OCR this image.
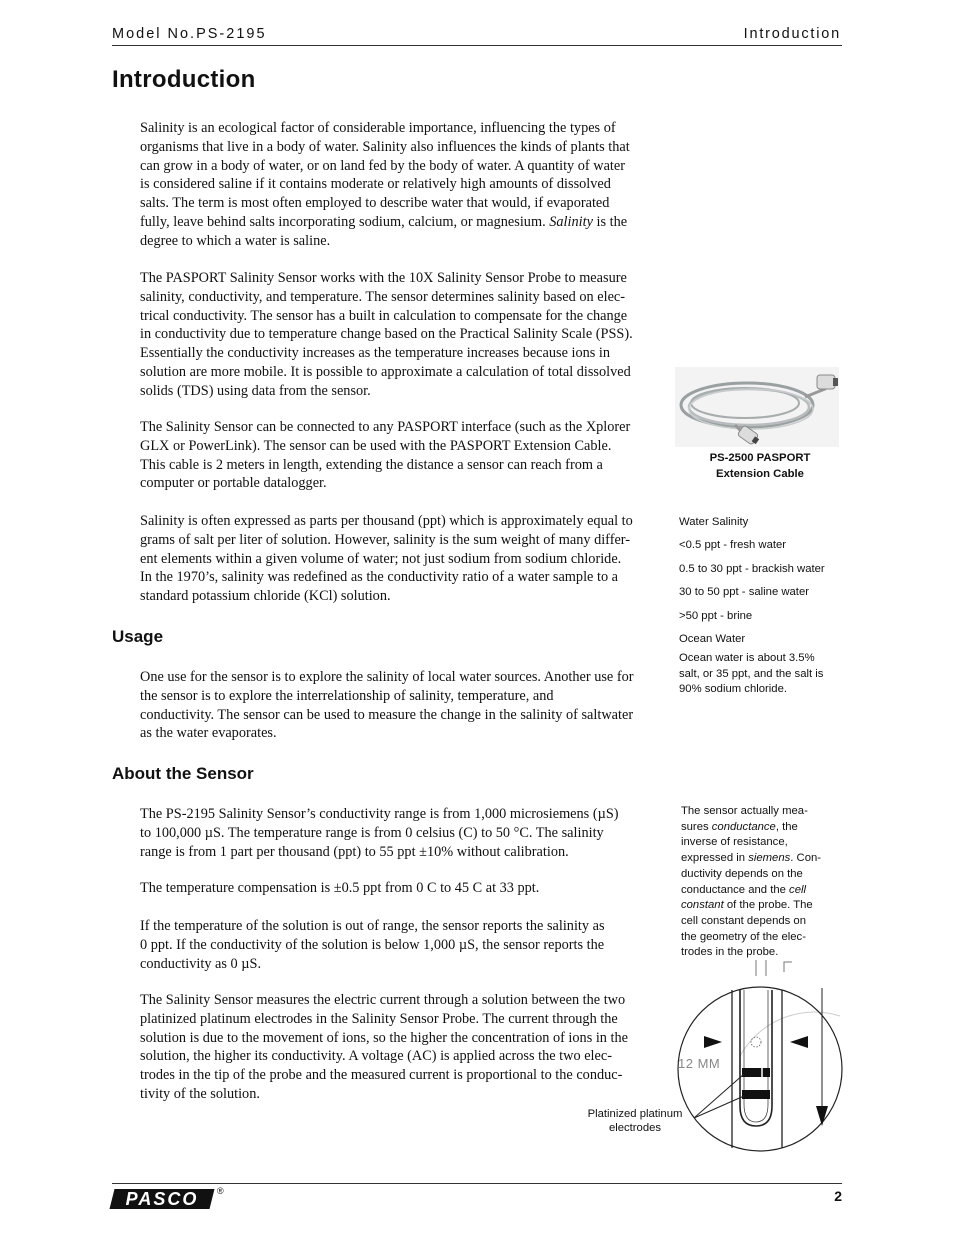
Model No.PS-2195	Introduction
Introduction

Salinity is an ecological factor of considerable importance, influencing the types of
organisms that live in a body of water. Salinity also influences the kinds of plants that
can grow in a body of water, or on land fed by the body of water. A quantity of water
is considered saline if it contains moderate or relatively high amounts of dissolved
salts. The term is most often employed to describe water that would, if evaporated
fully, leave behind salts incorporating sodium, calcium, or magnesium. Salinity is the
degree to which a water is saline.

The PASPORT Salinity Sensor works with the 10X Salinity Sensor Probe to measure
salinity, conductivity, and temperature. The sensor determines salinity based on elec-
trical conductivity. The sensor has a built in calculation to compensate for the change
in conductivity due to temperature change based on the Practical Salinity Scale (PSS).
Essentially the conductivity increases as the temperature increases because ions in
solution are more mobile. It is possible to approximate a calculation of total dissolved
solids (TDS) using data from the sensor.

The Salinity Sensor can be connected to any PASPORT interface (such as the Xplorer
GLX or PowerLink). The sensor can be used with the PASPORT Extension Cable.
This cable is 2 meters in length, extending the distance a sensor can reach from a
computer or portable datalogger.

Salinity is often expressed as parts per thousand (ppt) which is approximately equal to
grams of salt per liter of solution. However, salinity is the sum weight of many differ-
ent elements within a given volume of water; not just sodium from sodium chloride.
In the 1970’s, salinity was redefined as the conductivity ratio of a water sample to a
standard potassium chloride (KCl) solution.

Usage

One use for the sensor is to explore the salinity of local water sources. Another use for
the sensor is to explore the interrelationship of salinity, temperature, and
conductivity. The sensor can be used to measure the change in the salinity of saltwater
as the water evaporates.

About the Sensor

The PS-2195 Salinity Sensor’s conductivity range is from 1,000 microsiemens (µS)
to 100,000 µS. The temperature range is from 0 celsius (C) to 50 °C. The salinity
range is from 1 part per thousand (ppt) to 55 ppt ±10% without calibration.

The temperature compensation is ±0.5 ppt from 0 C to 45 C at 33 ppt.

If the temperature of the solution is out of range, the sensor reports the salinity as
0 ppt. If the conductivity of the solution is below 1,000 µS, the sensor reports the
conductivity as 0 µS.

The Salinity Sensor measures the electric current through a solution between the two
platinized platinum electrodes in the Salinity Sensor Probe. The current through the
solution is due to the movement of ions, so the higher the concentration of ions in the
solution, the higher its conductivity. A voltage (AC) is applied across the two elec-
trodes in the tip of the probe and the measured current is proportional to the conduc-
tivity of the solution.

PS-2500 PASPORT
Extension Cable
Water Salinity
<0.5 ppt - fresh water
0.5 to 30 ppt - brackish water
30 to 50 ppt - saline water
>50 ppt - brine
Ocean Water
Ocean water is about 3.5%
salt, or 35 ppt, and the salt is
90% sodium chloride.
The sensor actually mea-
sures conductance, the
inverse of resistance,
expressed in siemens. Con-
ductivity depends on the
conductance and the cell
constant of the probe. The
cell constant depends on
the geometry of the elec-
trodes in the probe.
12 MM
Platinized platinum
electrodes
PASCO	®	2
